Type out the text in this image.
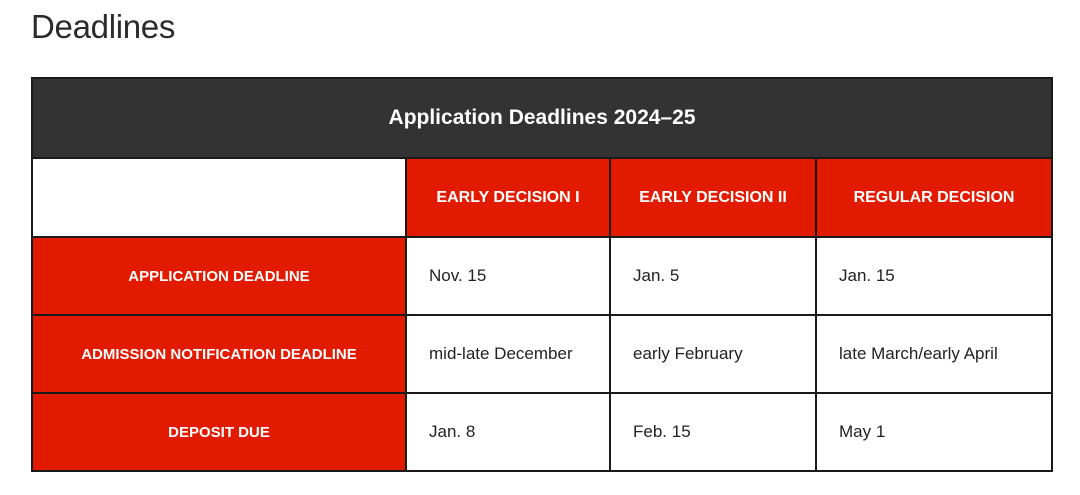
Deadlines
Application Deadlines 2024–25			
	EARLY DECISION I	EARLY DECISION II	REGULAR DECISION
APPLICATION DEADLINE	Nov. 15	Jan. 5	Jan. 15
ADMISSION NOTIFICATION DEADLINE	mid-late December	early February	late March/early April
DEPOSIT DUE	Jan. 8	Feb. 15	May 1
